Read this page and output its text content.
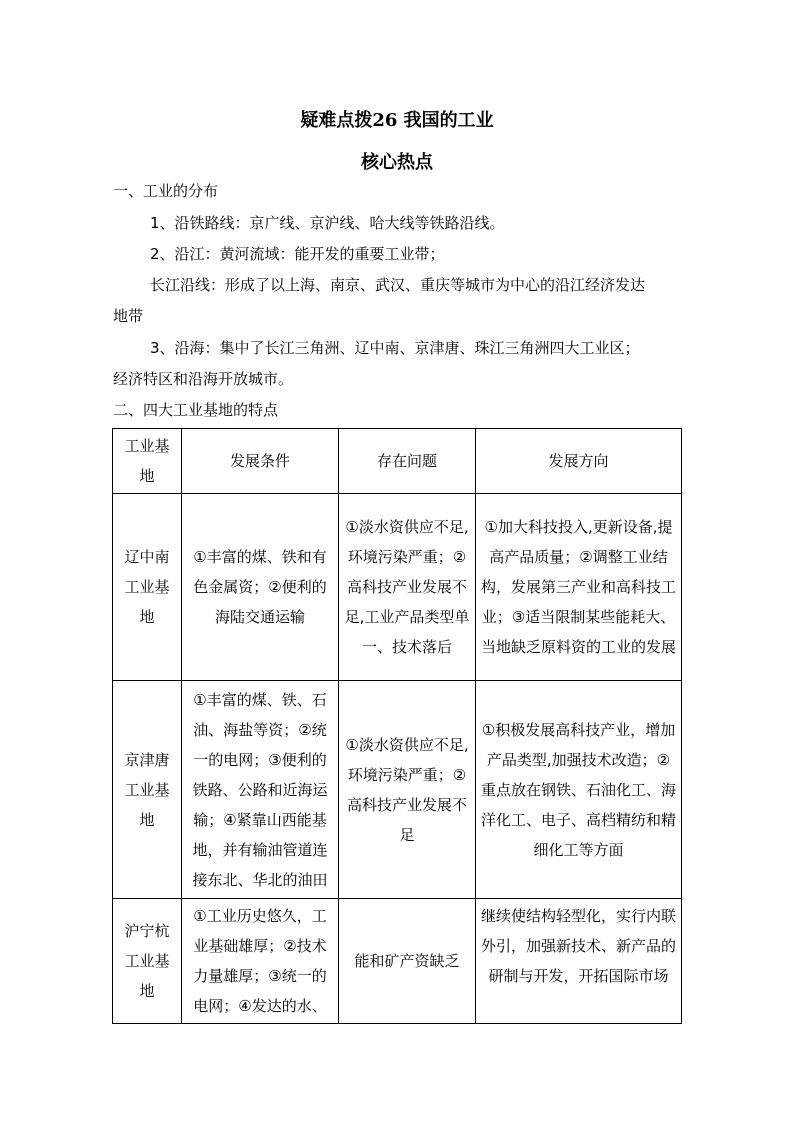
疑难点拨26 我国的工业
核心热点
一、工业的分布
1、沿铁路线：京广线、京沪线、哈大线等铁路沿线。
2、沿江：黄河流域：能开发的重要工业带；
长江沿线：形成了以上海、南京、武汉、重庆等城市为中心的沿江经济发达
地带
3、沿海：集中了长江三角洲、辽中南、京津唐、珠江三角洲四大工业区；
经济特区和沿海开放城市。
二、四大工业基地的特点
工业基地	发展条件	存在问题	发展方向
辽中南工业基地	①丰富的煤、铁和有色金属资；②便利的海陆交通运输	①淡水资供应不足,环境污染严重；②高科技产业发展不足,工业产品类型单一、技术落后	①加大科技投入,更新设备,提高产品质量；②调整工业结构，发展第三产业和高科技工业；③适当限制某些能耗大、当地缺乏原料资的工业的发展
京津唐工业基地	①丰富的煤、铁、石油、海盐等资；②统一的电网；③便利的铁路、公路和近海运输；④紧靠山西能基地，并有输油管道连接东北、华北的油田	①淡水资供应不足,环境污染严重；②高科技产业发展不足	①积极发展高科技产业，增加产品类型,加强技术改造；②重点放在钢铁、石油化工、海洋化工、电子、高档精纺和精细化工等方面
沪宁杭工业基地	①工业历史悠久，工业基础雄厚；②技术力量雄厚；③统一的电网；④发达的水、	能和矿产资缺乏	继续使结构轻型化，实行内联外引，加强新技术、新产品的研制与开发，开拓国际市场
